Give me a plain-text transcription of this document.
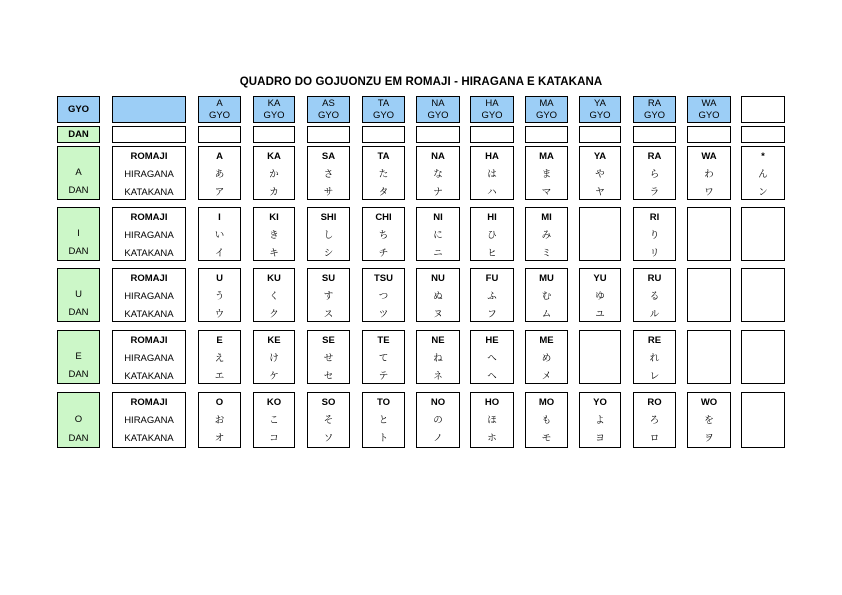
QUADRO DO GOJUONZU EM ROMAJI - HIRAGANA E KATAKANA
GYO
A
GYO
KA
GYO
AS
GYO
TA
GYO
NA
GYO
HA
GYO
MA
GYO
YA
GYO
RA
GYO
WA
GYO
DAN
A
DAN
ROMAJI
HIRAGANA
KATAKANA
A
あ
ア
KA
か
カ
SA
さ
サ
TA
た
タ
NA
な
ナ
HA
は
ハ
MA
ま
マ
YA
や
ヤ
RA
ら
ラ
WA
わ
ワ
*
ん
ン
I
DAN
ROMAJI
HIRAGANA
KATAKANA
I
い
イ
KI
き
キ
SHI
し
シ
CHI
ち
チ
NI
に
ニ
HI
ひ
ヒ
MI
み
ミ
RI
り
リ
U
DAN
ROMAJI
HIRAGANA
KATAKANA
U
う
ウ
KU
く
ク
SU
す
ス
TSU
つ
ツ
NU
ぬ
ヌ
FU
ふ
フ
MU
む
ム
YU
ゆ
ユ
RU
る
ル
E
DAN
ROMAJI
HIRAGANA
KATAKANA
E
え
エ
KE
け
ケ
SE
せ
セ
TE
て
テ
NE
ね
ネ
HE
へ
ヘ
ME
め
メ
RE
れ
レ
O
DAN
ROMAJI
HIRAGANA
KATAKANA
O
お
オ
KO
こ
コ
SO
そ
ソ
TO
と
ト
NO
の
ノ
HO
ほ
ホ
MO
も
モ
YO
よ
ヨ
RO
ろ
ロ
WO
を
ヲ
